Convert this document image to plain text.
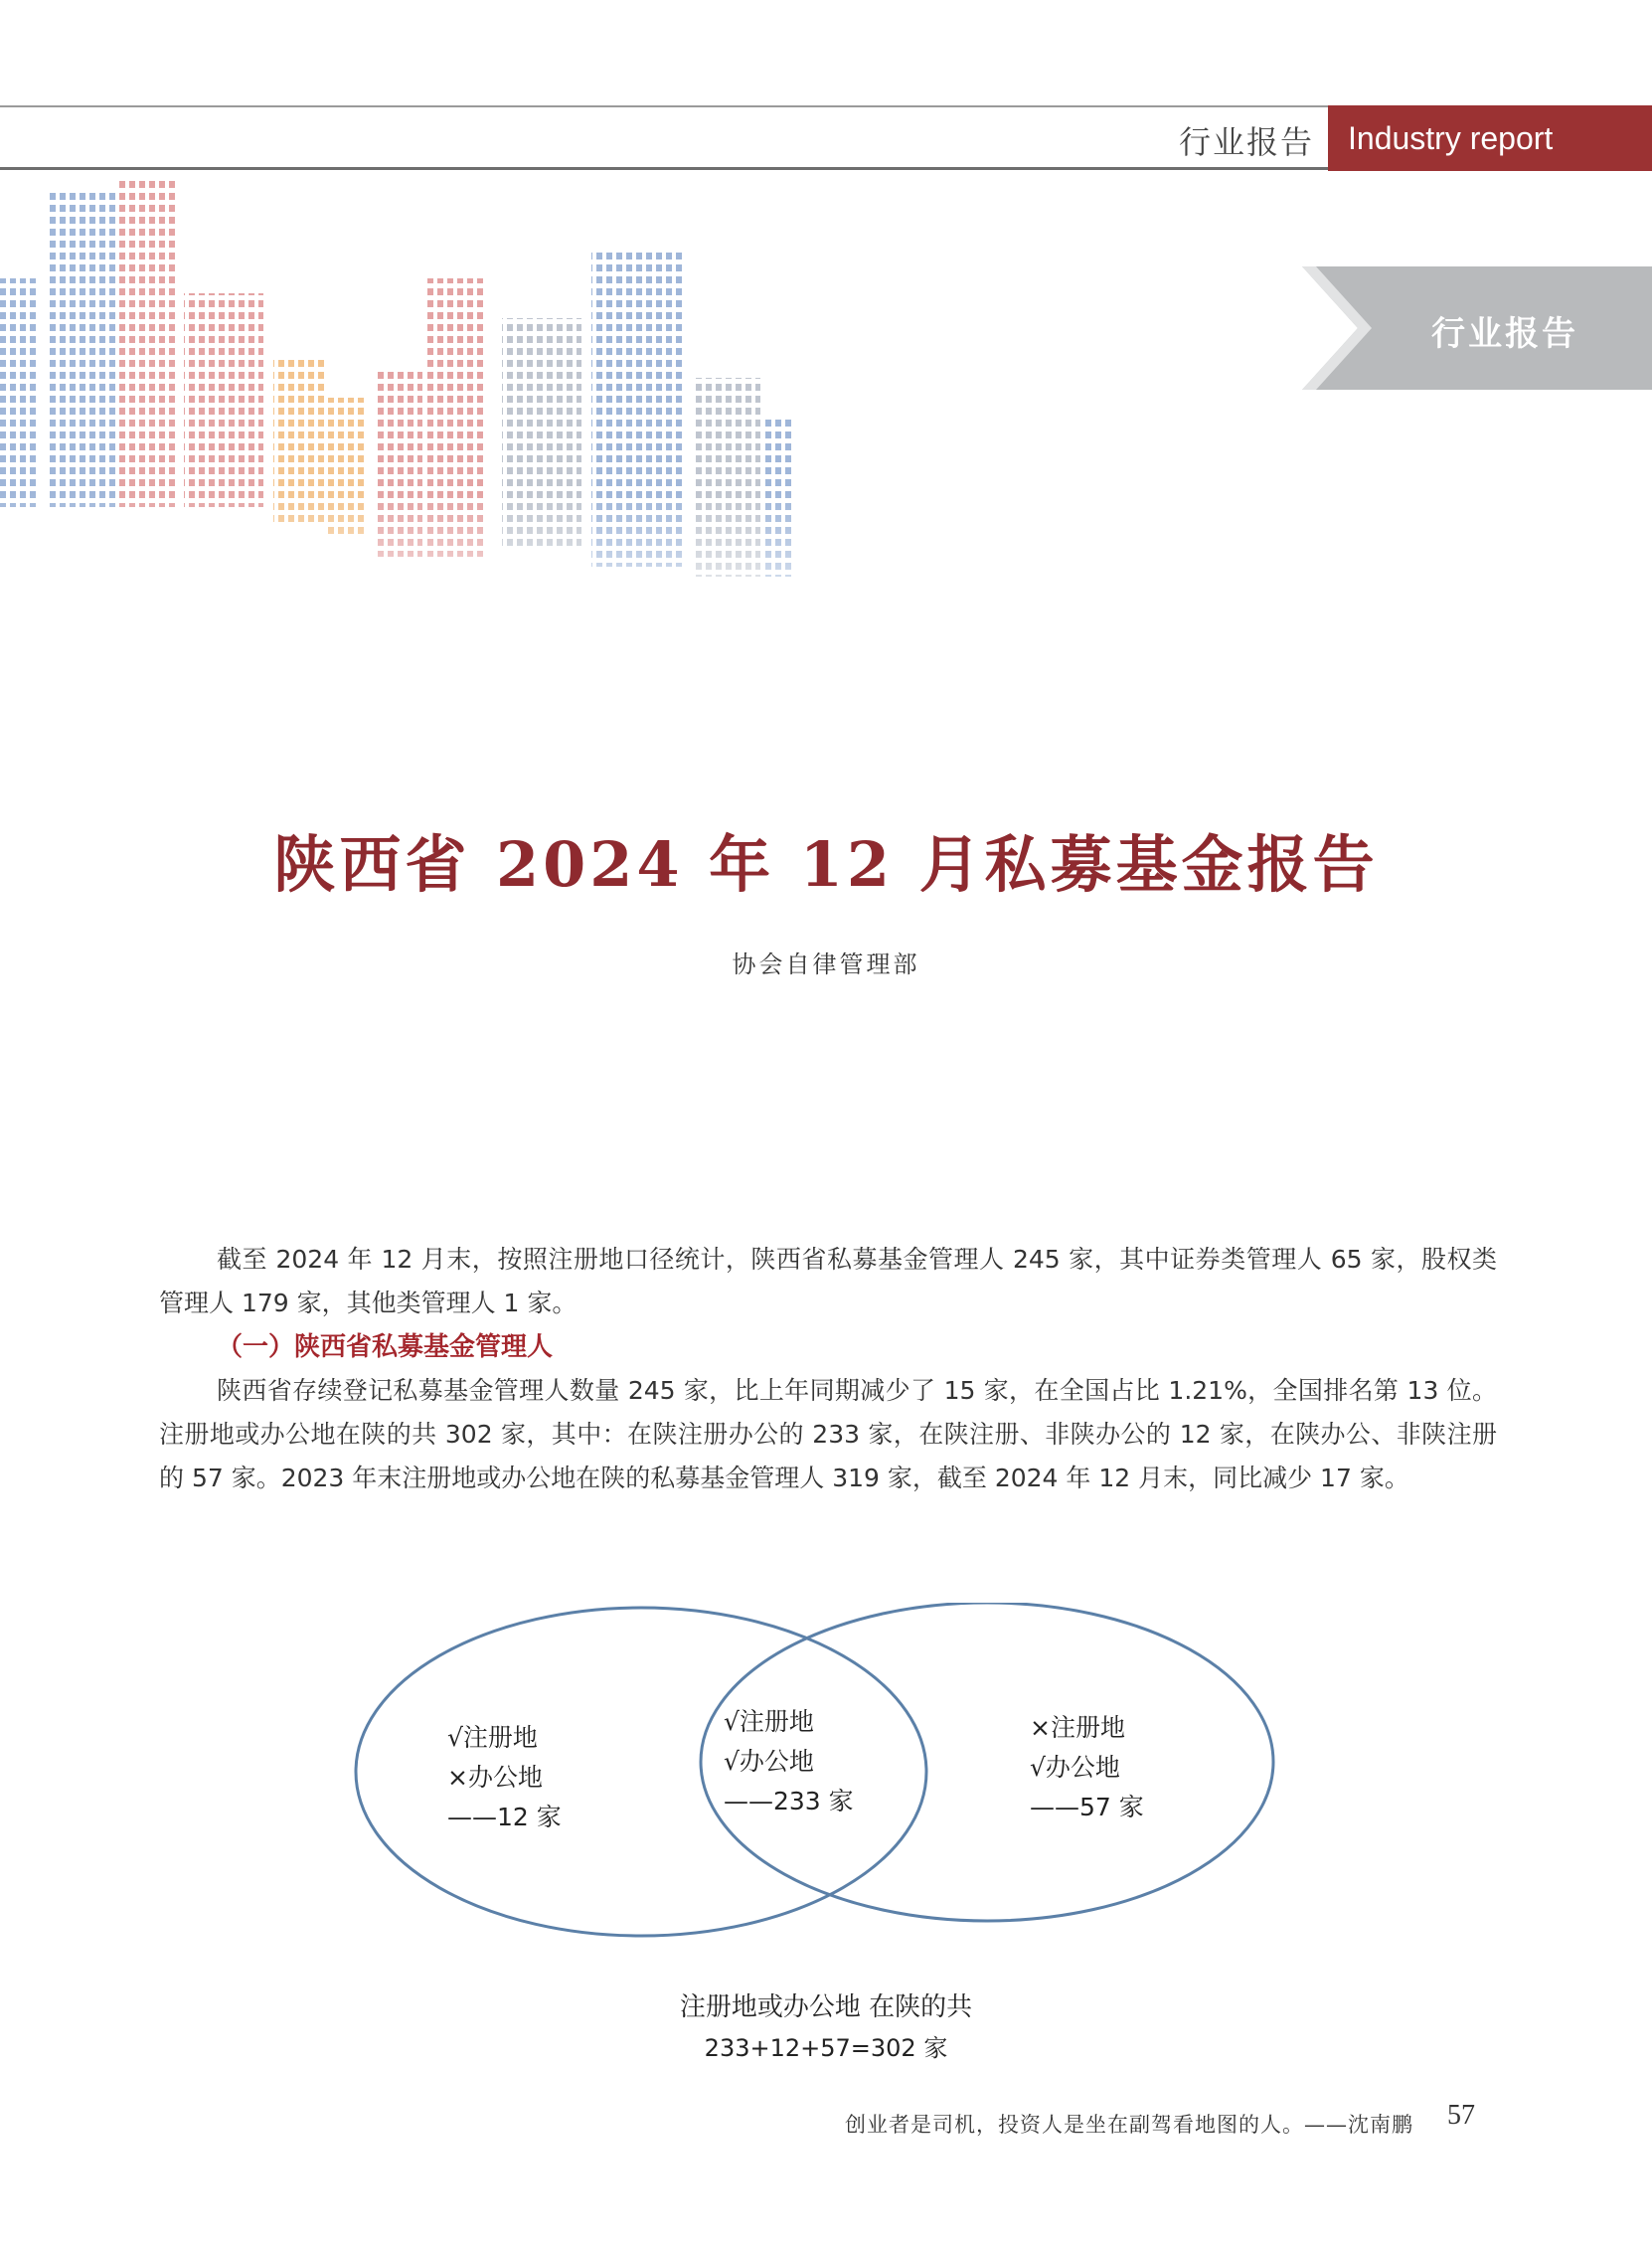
行业报告	Industry report
行业报告
陕西省 2024 年 12 月私募基金报告
协会自律管理部

截至 2024 年 12 月末，按照注册地口径统计，陕西省私募基金管理人 245 家，其中证券类管理人 65 家，股权类管理人 179 家，其他类管理人 1 家。

（一）陕西省私募基金管理人

陕西省存续登记私募基金管理人数量 245 家，比上年同期减少了 15 家，在全国占比 1.21%，全国排名第 13 位。注册地或办公地在陕的共 302 家，其中：在陕注册办公的 233 家，在陕注册、非陕办公的 12 家，在陕办公、非陕注册的 57 家。2023 年末注册地或办公地在陕的私募基金管理人 319 家，截至 2024 年 12 月末，同比减少 17 家。

√注册地
×办公地
——12 家
√注册地
√办公地
——233 家
×注册地
√办公地
——57 家
注册地或办公地 在陕的共
233+12+57=302 家
创业者是司机，投资人是坐在副驾看地图的人。——沈南鹏 57
